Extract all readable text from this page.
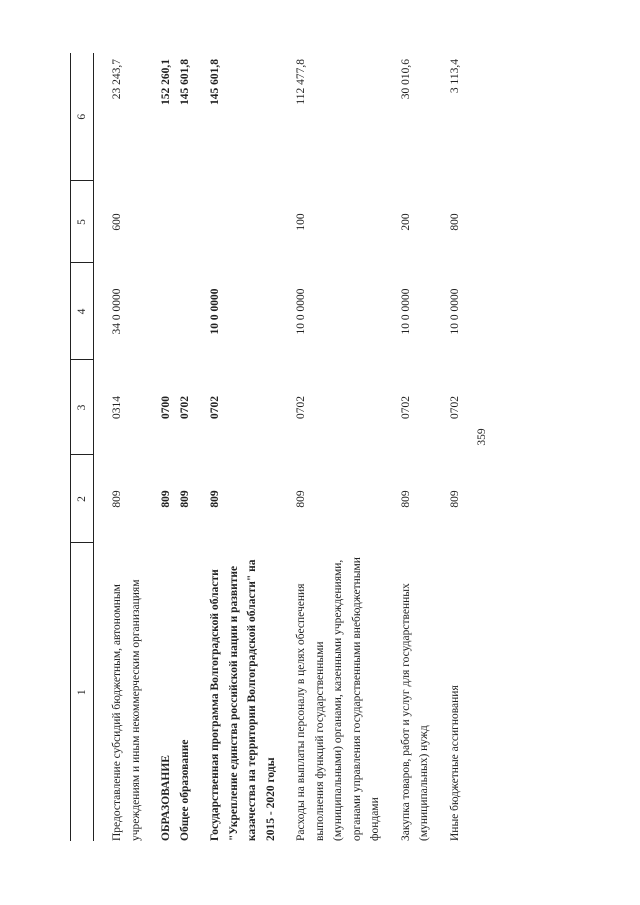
1	2	3	4	5	6
Предоставление субсидий бюджетным, автономным учреждениям и иным некоммерческим организациям	809	0314	34 0 0000	600	23 243,7
ОБРАЗОВАНИЕ	809	0700			152 260,1
Общее образование	809	0702			145 601,8
Государственная программа Волгоградской области "Укрепление единства российской нации и развитие казачества на территории Волгоградской области" на 2015 - 2020 годы	809	0702	10 0 0000		145 601,8
Расходы на выплаты персоналу в целях обеспечения выполнения функций государственными (муниципальными) органами, казенными учреждениями, органами управления государственными внебюджетными фондами	809	0702	10 0 0000	100	112 477,8
Закупка товаров, работ и услуг для государственных (муниципальных) нужд	809	0702	10 0 0000	200	30 010,6
Иные бюджетные ассигнования	809	0702	10 0 0000	800	3 113,4
359
